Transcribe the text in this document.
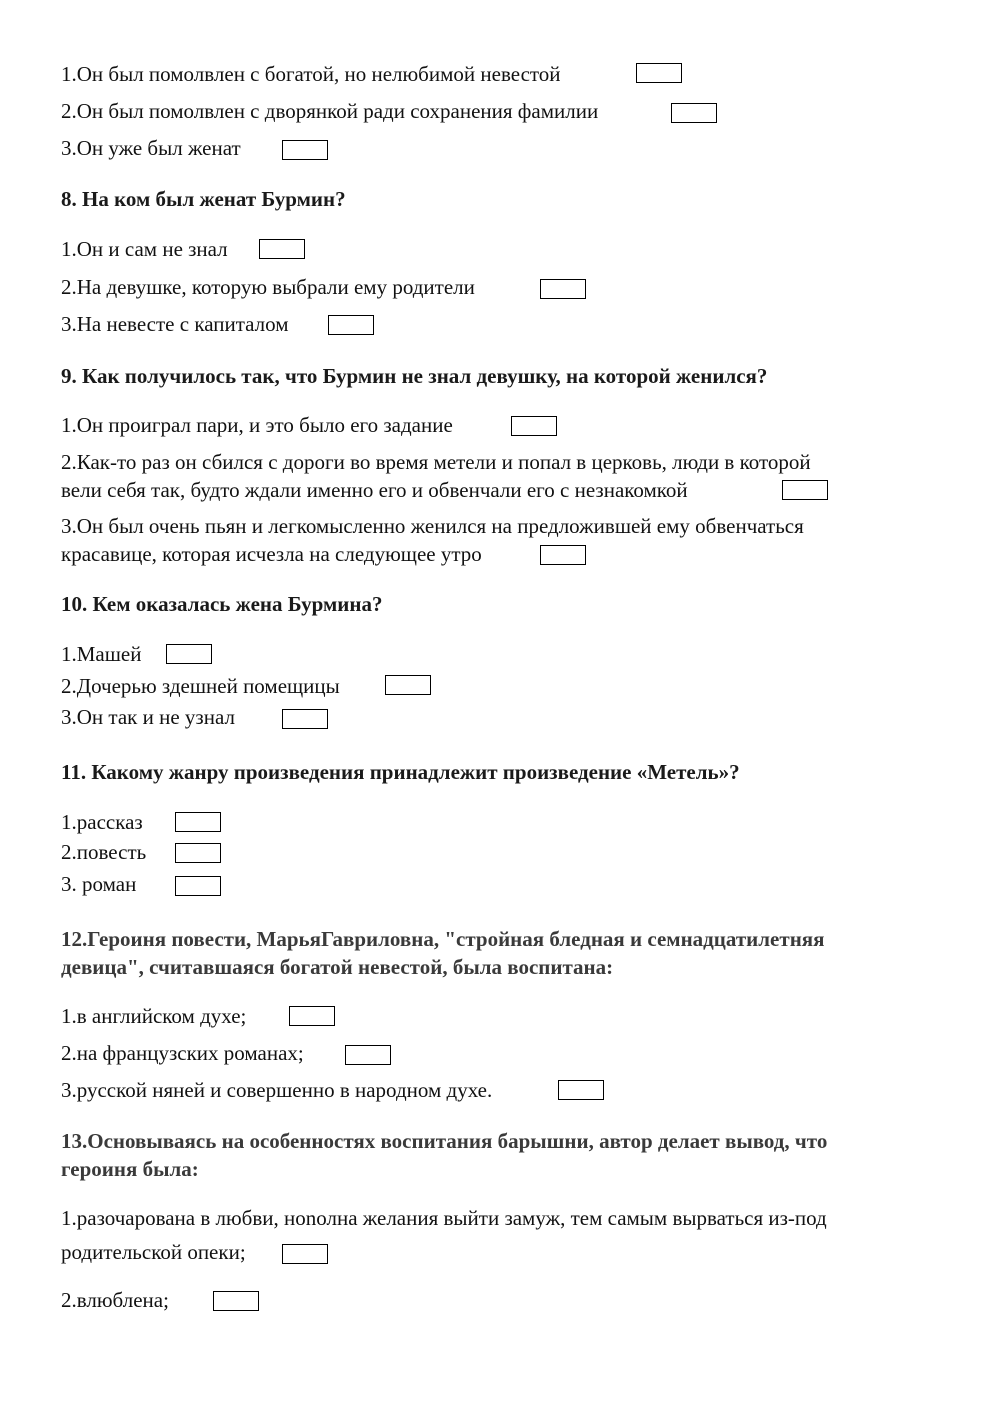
1.Он был помолвлен с богатой, но нелюбимой невестой
2.Он был помолвлен с дворянкой ради сохранения фамилии
3.Он уже был женат
8. На ком был женат Бурмин?
1.Он и сам не знал
2.На девушке, которую выбрали ему родители
3.На невесте с капиталом
9. Как получилось так, что Бурмин не знал девушку, на которой женился?
1.Он проиграл пари, и это было его задание
2.Как-то раз он сбился с дороги во время метели и попал в церковь, люди в которой
вели себя так, будто ждали именно его и обвенчали его с незнакомкой
3.Он был очень пьян и легкомысленно женился на предложившей ему обвенчаться
красавице, которая исчезла на следующее утро
10. Кем оказалась жена Бурмина?
1.Машей
2.Дочерью здешней помещицы
3.Он так и не узнал
11. Какому жанру произведения принадлежит произведение «Метель»?
1.рассказ
2.повесть
3. роман
12.Героиня повести, МарьяГавриловна, "стройная бледная и семнадцатилетняя
девица", считавшаяся богатой невестой, была воспитана:
1.в английском духе;
2.на французских романах;
3.русской няней и совершенно в народном духе.
13.Основываясь на особенностях воспитания барышни, автор делает вывод, что
героиня была:
1.разочарована в любви, ноnолна желания выйти замуж, тем самым вырваться из-под
родительской опеки;
2.влюблена;
